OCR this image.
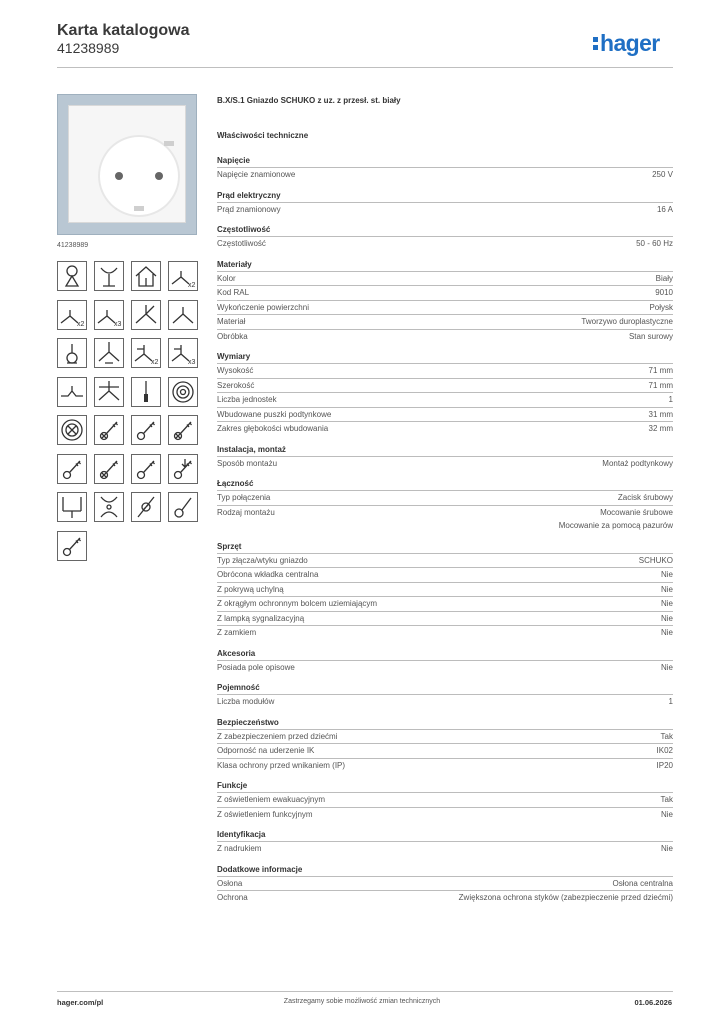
Karta katalogowa
41238989	hager
41238989
x2
x2	x3
x2	x3
B.X/S.1 Gniazdo SCHUKO z uz. z przesł. st. biały
Właściwości techniczne
Napięcie
Napięcie znamionowe	250 V
Prąd elektryczny
Prąd znamionowy	16 A
Częstotliwość
Częstotliwość	50 - 60 Hz
Materiały
Kolor	Biały
Kod RAL	9010
Wykończenie powierzchni	Połysk
Materiał	Tworzywo duroplastyczne
Obróbka	Stan surowy
Wymiary
Wysokość	71 mm
Szerokość	71 mm
Liczba jednostek	1
Wbudowane puszki podtynkowe	31 mm
Zakres głębokości wbudowania	32 mm
Instalacja, montaż
Sposób montażu	Montaż podtynkowy
Łączność
Typ połączenia	Zacisk śrubowy
Rodzaj montażu	Mocowanie śrubowe
Mocowanie za pomocą pazurów
Sprzęt
Typ złącza/wtyku gniazdo	SCHUKO
Obrócona wkładka centralna	Nie
Z pokrywą uchylną	Nie
Z okrągłym ochronnym bolcem uziemiającym	Nie
Z lampką sygnalizacyjną	Nie
Z zamkiem	Nie
Akcesoria
Posiada pole opisowe	Nie
Pojemność
Liczba modułów	1
Bezpieczeństwo
Z zabezpieczeniem przed dziećmi	Tak
Odporność na uderzenie IK	IK02
Klasa ochrony przed wnikaniem (IP)	IP20
Funkcje
Z oświetleniem ewakuacyjnym	Tak
Z oświetleniem funkcyjnym	Nie
Identyfikacja
Z nadrukiem	Nie
Dodatkowe informacje
Osłona	Osłona centralna
Ochrona	Zwiększona ochrona styków (zabezpieczenie przed dziećmi)
hager.com/pl	Zastrzegamy sobie możliwość zmian technicznych	01.06.2026
